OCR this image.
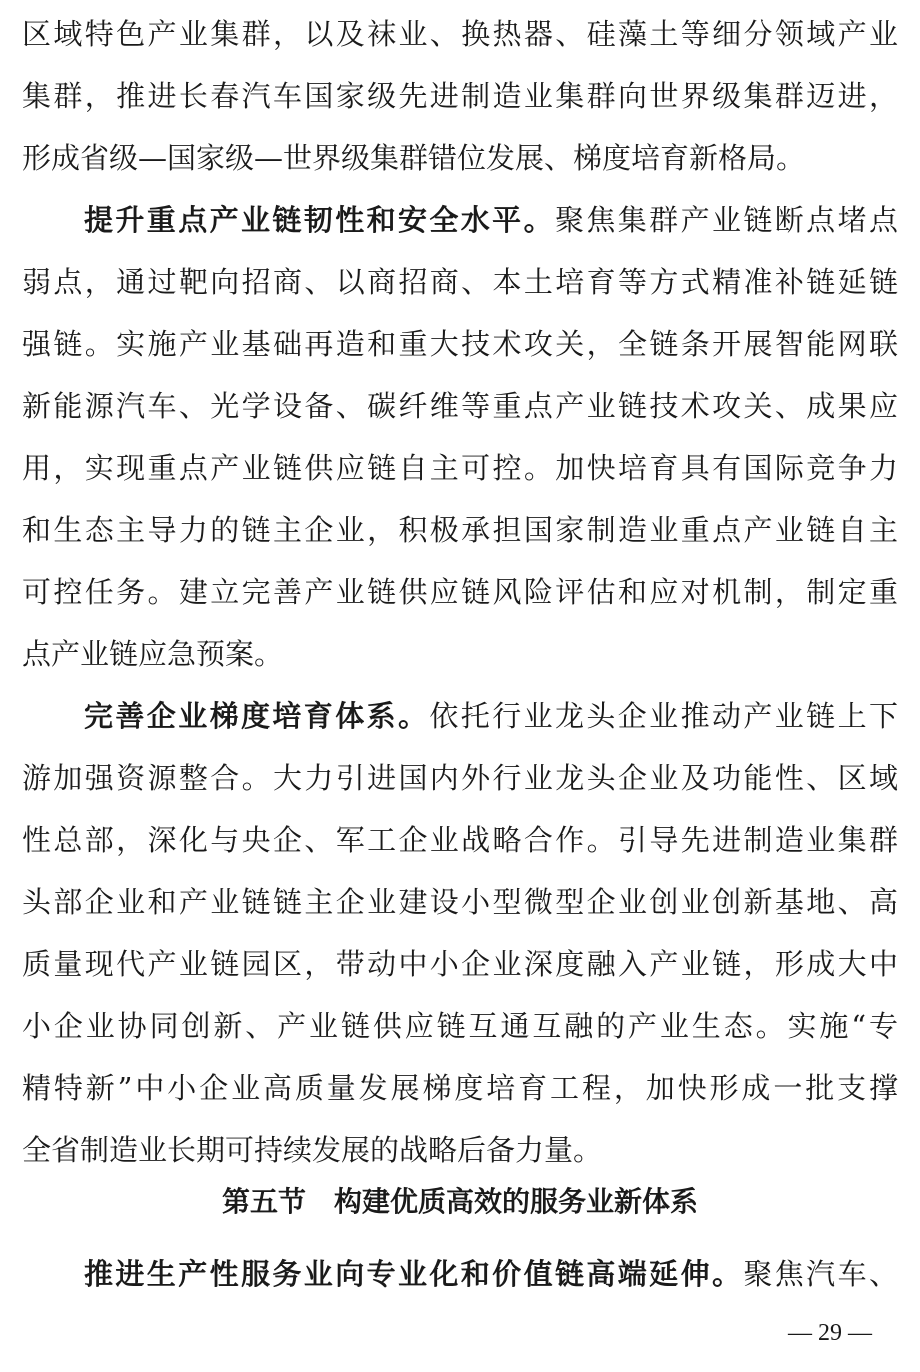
区域特色产业集群，以及袜业、换热器、硅藻土等细分领域产业
集群，推进长春汽车国家级先进制造业集群向世界级集群迈进，
形成省级—国家级—世界级集群错位发展、梯度培育新格局。
提升重点产业链韧性和安全水平。聚焦集群产业链断点堵点
弱点，通过靶向招商、以商招商、本土培育等方式精准补链延链
强链。实施产业基础再造和重大技术攻关，全链条开展智能网联
新能源汽车、光学设备、碳纤维等重点产业链技术攻关、成果应
用，实现重点产业链供应链自主可控。加快培育具有国际竞争力
和生态主导力的链主企业，积极承担国家制造业重点产业链自主
可控任务。建立完善产业链供应链风险评估和应对机制，制定重
点产业链应急预案。
完善企业梯度培育体系。依托行业龙头企业推动产业链上下
游加强资源整合。大力引进国内外行业龙头企业及功能性、区域
性总部，深化与央企、军工企业战略合作。引导先进制造业集群
头部企业和产业链链主企业建设小型微型企业创业创新基地、高
质量现代产业链园区，带动中小企业深度融入产业链，形成大中
小企业协同创新、产业链供应链互通互融的产业生态。实施“专
精特新”中小企业高质量发展梯度培育工程，加快形成一批支撑
全省制造业长期可持续发展的战略后备力量。
第五节　构建优质高效的服务业新体系
推进生产性服务业向专业化和价值链高端延伸。聚焦汽车、
— 29 —
